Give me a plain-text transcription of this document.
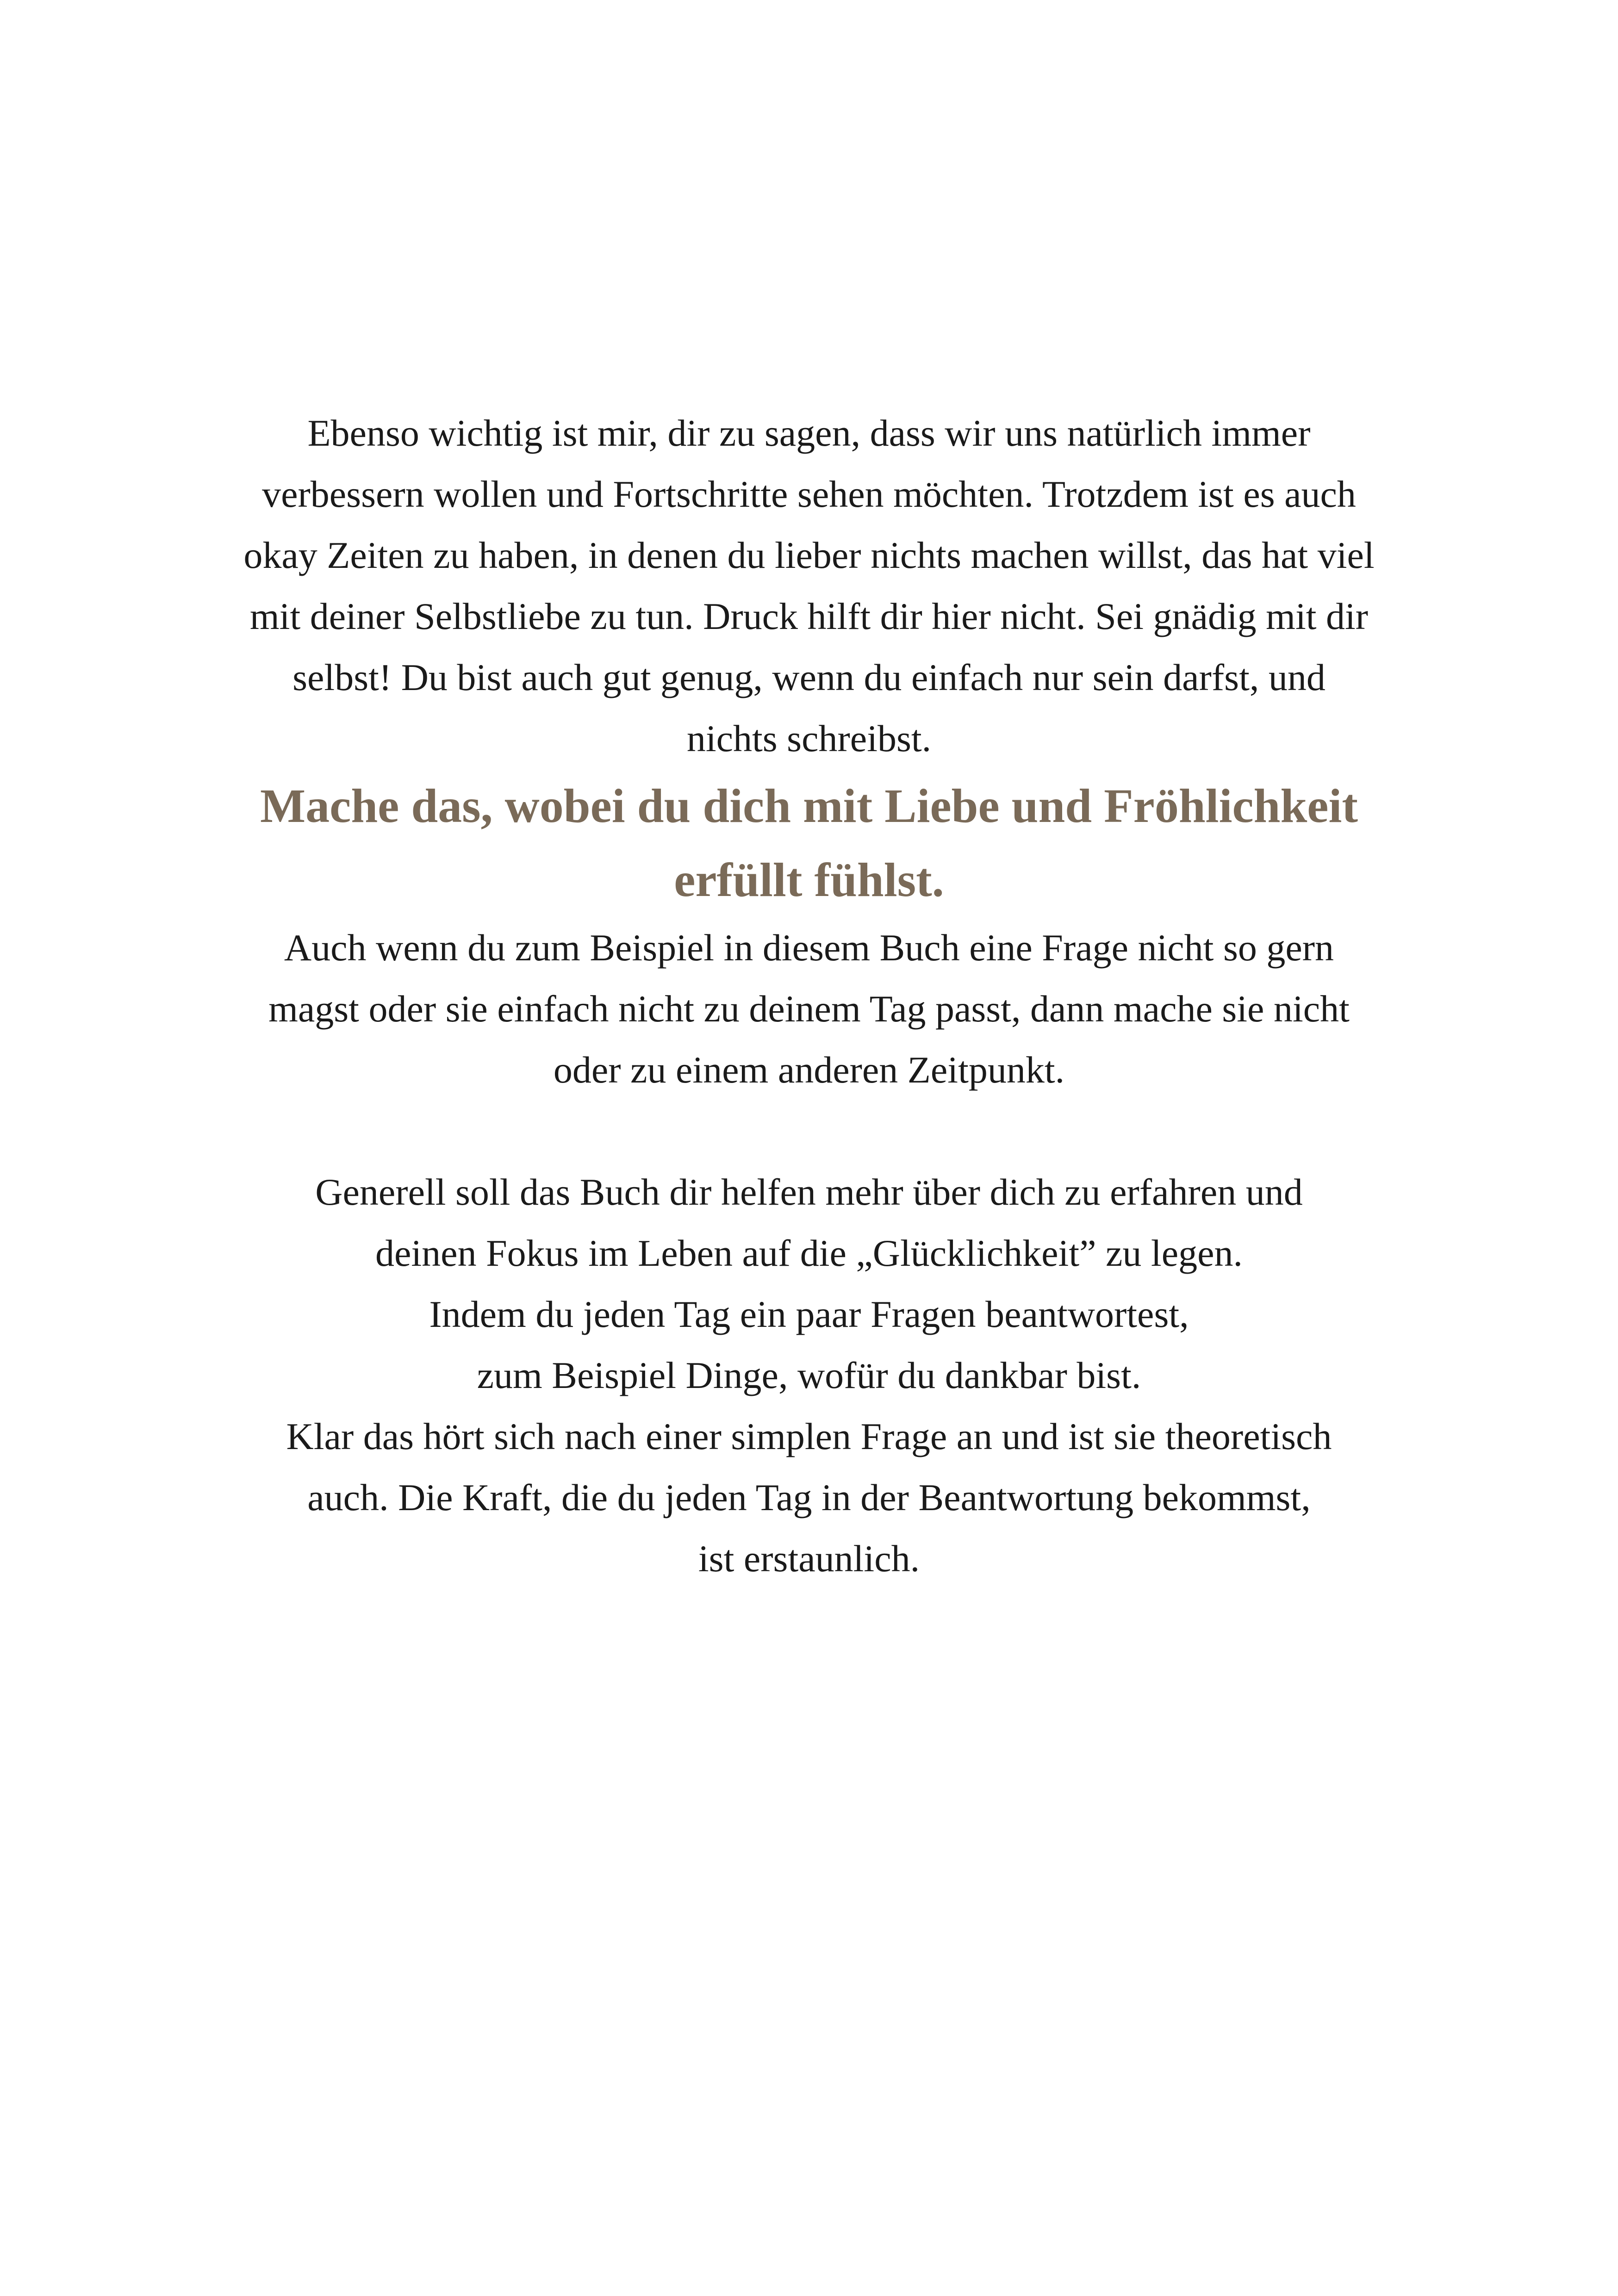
Ebenso wichtig ist mir, dir zu sagen, dass wir uns natürlich immer
verbessern wollen und Fortschritte sehen möchten. Trotzdem ist es auch
okay Zeiten zu haben, in denen du lieber nichts machen willst, das hat viel
mit deiner Selbstliebe zu tun. Druck hilft dir hier nicht. Sei gnädig mit dir
selbst! Du bist auch gut genug, wenn du einfach nur sein darfst, und
nichts schreibst.

Mache das, wobei du dich mit Liebe und Fröhlichkeit
erfüllt fühlst.

Auch wenn du zum Beispiel in diesem Buch eine Frage nicht so gern
magst oder sie einfach nicht zu deinem Tag passt, dann mache sie nicht
oder zu einem anderen Zeitpunkt.

Generell soll das Buch dir helfen mehr über dich zu erfahren und
deinen Fokus im Leben auf die „Glücklichkeit” zu legen.
Indem du jeden Tag ein paar Fragen beantwortest,
zum Beispiel Dinge, wofür du dankbar bist.
Klar das hört sich nach einer simplen Frage an und ist sie theoretisch
auch. Die Kraft, die du jeden Tag in der Beantwortung bekommst,
ist erstaunlich.
